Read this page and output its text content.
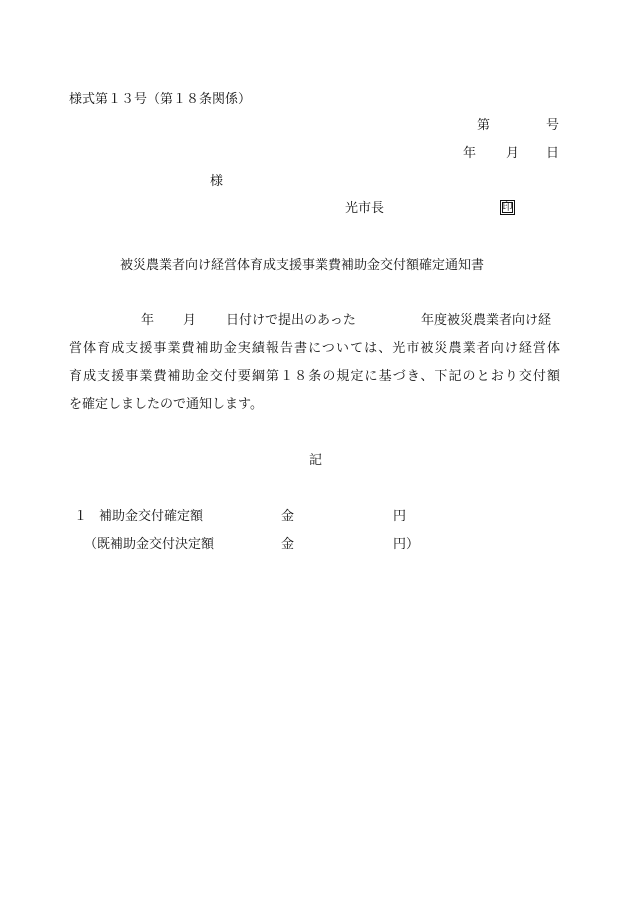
様式第１３号（第１８条関係）
第	号
年 月 日
様
光市長	印
被災農業者向け経営体育成支援事業費補助金交付額確定通知書
年 月 日付けで提出のあった	年度被災農業者向け経
営体育成支援事業費補助金実績報告書については、光市被災農業者向け経営体
育成支援事業費補助金交付要綱第１８条の規定に基づき、下記のとおり交付額
を確定しましたので通知します。
記
１ 補助金交付確定額	金	円
（既補助金交付決定額	金	円）
